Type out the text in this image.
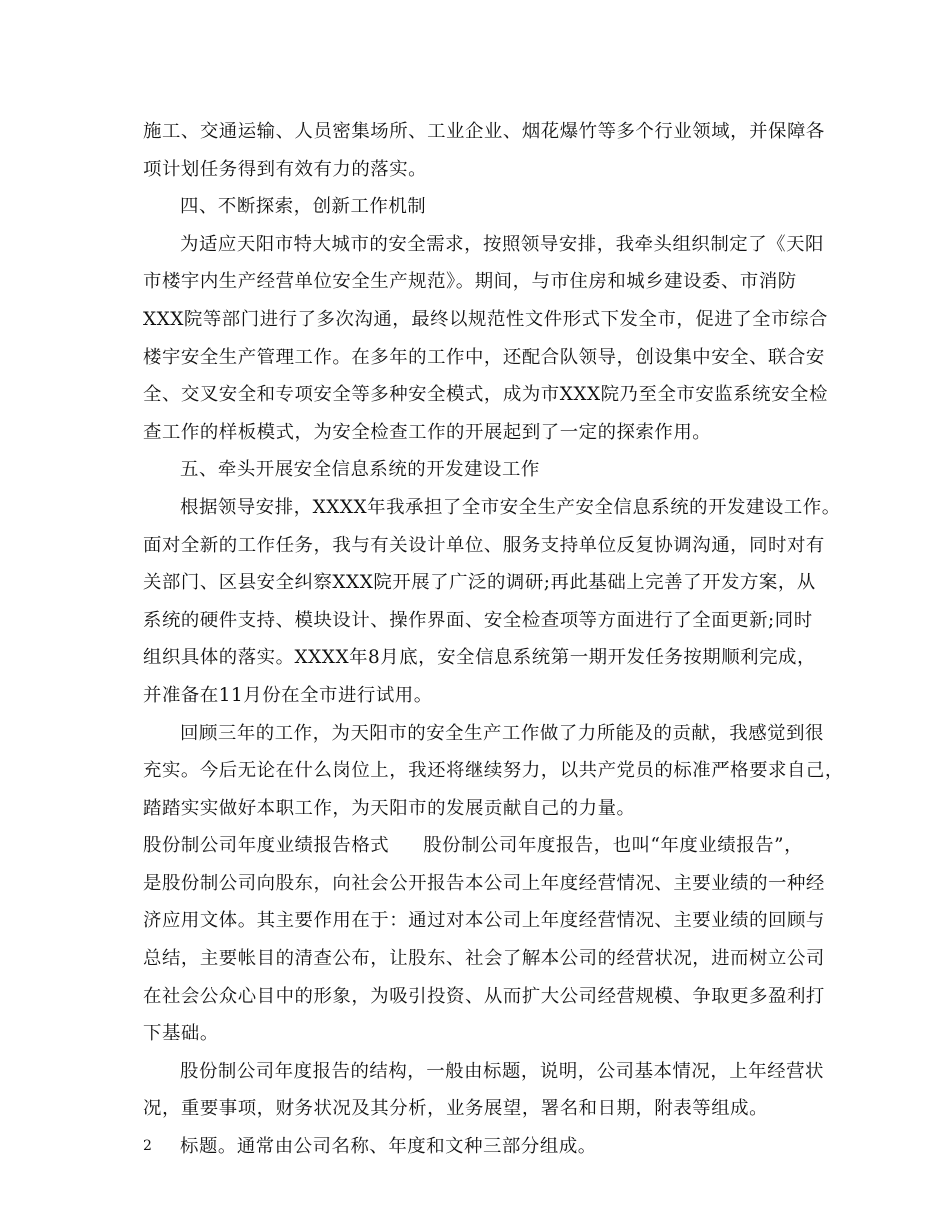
施工、交通运输、人员密集场所、工业企业、烟花爆竹等多个行业领域，并保障各
项计划任务得到有效有力的落实。
四、不断探索，创新工作机制
为适应天阳市特大城市的安全需求，按照领导安排，我牵头组织制定了《天阳
市楼宇内生产经营单位安全生产规范》。期间，与市住房和城乡建设委、市消防
XXX院等部门进行了多次沟通，最终以规范性文件形式下发全市，促进了全市综合
楼宇安全生产管理工作。在多年的工作中，还配合队领导，创设集中安全、联合安
全、交叉安全和专项安全等多种安全模式，成为市XXX院乃至全市安监系统安全检
查工作的样板模式，为安全检查工作的开展起到了一定的探索作用。
五、牵头开展安全信息系统的开发建设工作
根据领导安排，XXXX年我承担了全市安全生产安全信息系统的开发建设工作。
面对全新的工作任务，我与有关设计单位、服务支持单位反复协调沟通，同时对有
关部门、区县安全纠察XXX院开展了广泛的调研;再此基础上完善了开发方案，从
系统的硬件支持、模块设计、操作界面、安全检查项等方面进行了全面更新;同时
组织具体的落实。XXXX年8月底，安全信息系统第一期开发任务按期顺利完成，
并准备在11月份在全市进行试用。
回顾三年的工作，为天阳市的安全生产工作做了力所能及的贡献，我感觉到很
充实。今后无论在什么岗位上，我还将继续努力，以共产党员的标准严格要求自己，
踏踏实实做好本职工作，为天阳市的发展贡献自己的力量。
股份制公司年度业绩报告格式 股份制公司年度报告，也叫“年度业绩报告”，
是股份制公司向股东，向社会公开报告本公司上年度经营情况、主要业绩的一种经
济应用文体。其主要作用在于：通过对本公司上年度经营情况、主要业绩的回顾与
总结，主要帐目的清查公布，让股东、社会了解本公司的经营状况，进而树立公司
在社会公众心目中的形象，为吸引投资、从而扩大公司经营规模、争取更多盈利打
下基础。
股份制公司年度报告的结构，一般由标题，说明，公司基本情况，上年经营状
况，重要事项，财务状况及其分析，业务展望，署名和日期，附表等组成。
标题。通常由公司名称、年度和文种三部分组成。
2
